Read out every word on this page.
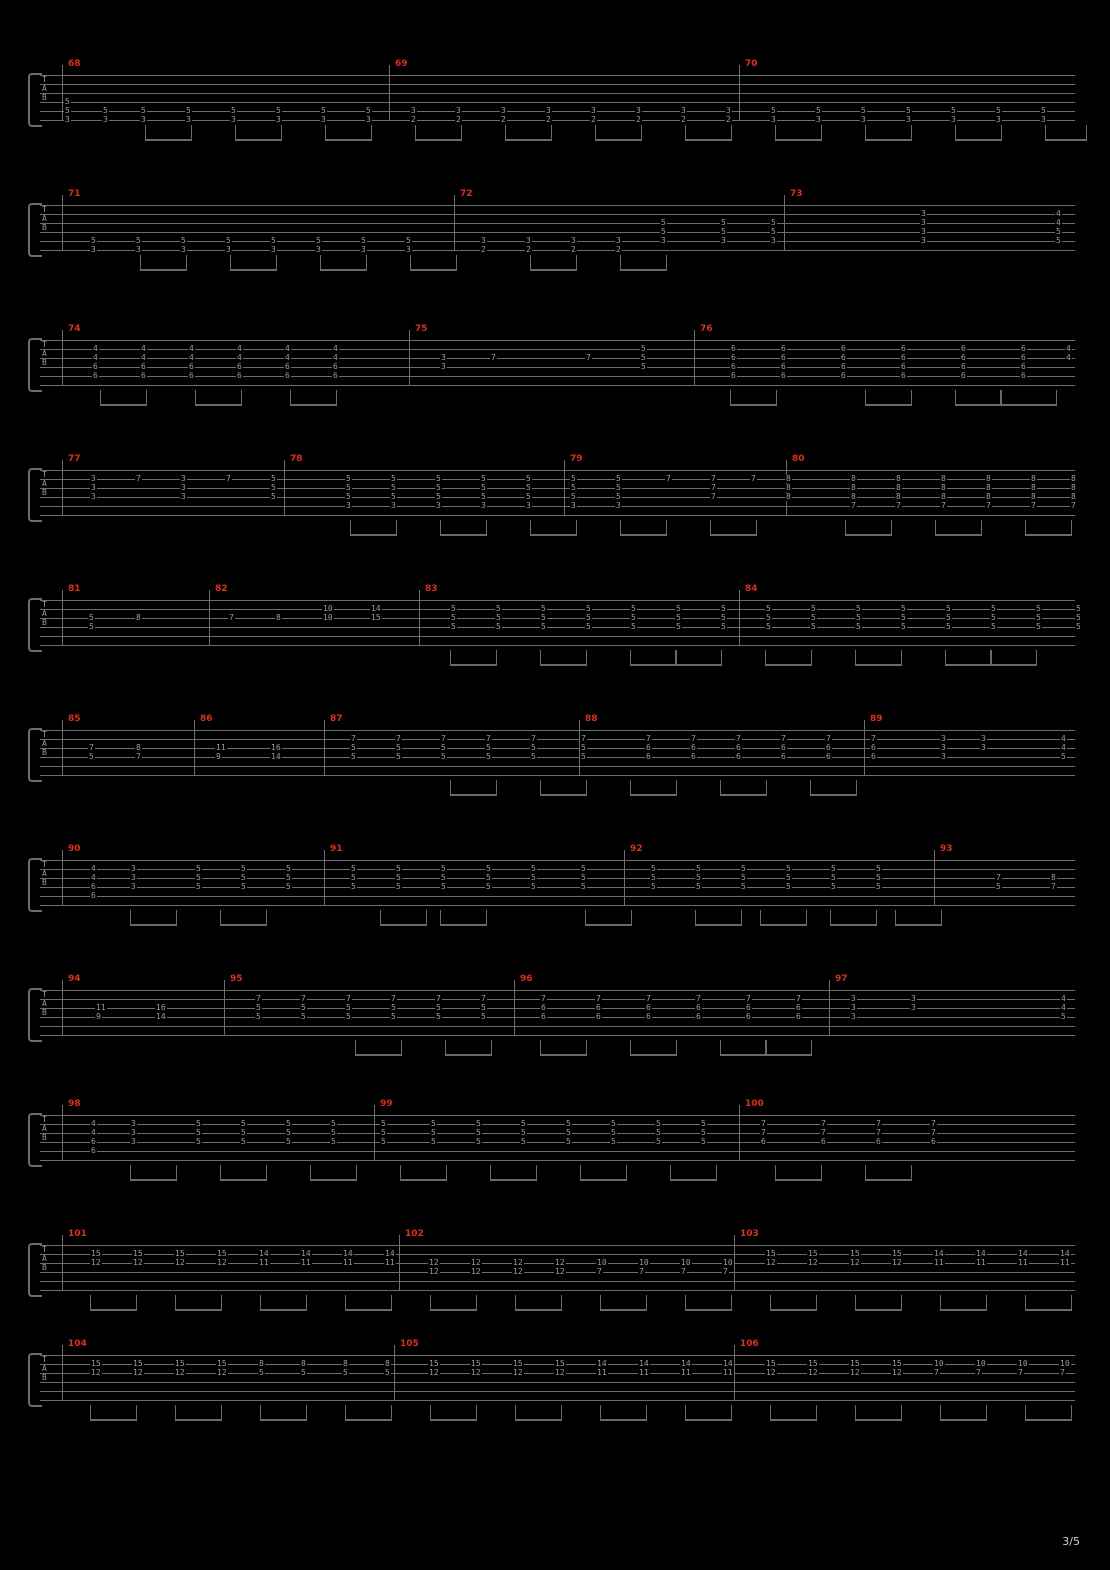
T
A
B
68	69	70
5
5
3
5
3
5
3
5
3
5
3
5
3
5
3
5
3
3
2
3
2
3
2
3
2
3
2
3
2
3
2
3
2
5
3
5
3
5
3
5
3
5
3
5
3
5
3
T
A
B
71	72	73
5
3
5
3
5
3
5
3
5
3
5
3
5
3
5
3
3
2
3
2
3
2
3
2
5
5
3
5
5
3
5
5
3
3
3
3
3
4
4
5
5
T
A
B
74	75	76
4
4
6
6
4
4
6
6
4
4
6
6
4
4
6
6
4
4
6
6
4
4
6
6
3
3
7	7
5
5
5
6
6
6
6
6
6
6
6
6
6
6
6
6
6
6
6
6
6
6
6
6
6
6
6
4
4
T
A
B
77	78	79	80
3
3
3
7	3
3
3
7	5
5
5
5
5
5
3
5
5
5
3
5
5
5
3
5
5
5
3
5
5
5
3
5
5
5
3
5
5
5
3
7	7
7
7
7	8
8
8
8
8
8
7
8
8
8
7
8
8
8
7
8
8
8
7
8
8
8
7
8
8
8
7
T
A
B
81	82	83	84
5
5
8	7	8	10
10	14
15
5
5
5
5
5
5
5
5
5
5
5
5
5
5
5
5
5
5
5
5
5
5
5
5
5
5
5
5
5
5
5
5
5
5
5
5
5
5
5
5
5
5
5
5
5
T
A
B
85	86	87	88	89
7
5
8
7
11
9
16
14
7
5
5
7
5
5
7
5
5
7
5
5
7
5
5
7
5
5
7
6
6
7
6
6
7
6
6
7
6
6
7
6
6
7
6
6
3
3
3
3
3
4
4
5
T
A
B
90	91	92	93
4
4
6
6
3
3
3
5
5
5
5
5
5
5
5
5
5
5
5
5
5
5
5
5
5
5
5
5
5
5
5
5
5
5
5
5
5
5
5
5
5
5
5
5
5
5
5
5
5
5
5
5
7
5
8
7
T
A
B
94	95	96	97
11
9
16
14
7
5
5
7
5
5
7
5
5
7
5
5
7
5
5
7
5
5
7
6
6
7
6
6
7
6
6
7
6
6
7
6
6
7
6
6
3
3
3
3
3
4
4
5
T
A
B
98	99	100
4
4
6
6
3
3
3
5
5
5
5
5
5
5
5
5
5
5
5
5
5
5
5
5
5
5
5
5
5
5
5
5
5
5
5
5
5
5
5
5
5
5
5
7
7
6
7
7
6
7
7
6
7
7
6
T
A
B
101	102	103
15
12
15
12
15
12
15
12
14
11
14
11
14
11
14
11	12
12
12
12
12
12
12
12
10
7
10
7
10
7
10
7
15
12
15
12
15
12
15
12
14
11
14
11
14
11
14
11
T
A
B
104	105	106
15
12
15
12
15
12
15
12
8
5
8
5
8
5
8
5
15
12
15
12
15
12
15
12
14
11
14
11
14
11
14
11
15
12
15
12
15
12
15
12
10
7
10
7
10
7
10
7
3/5
